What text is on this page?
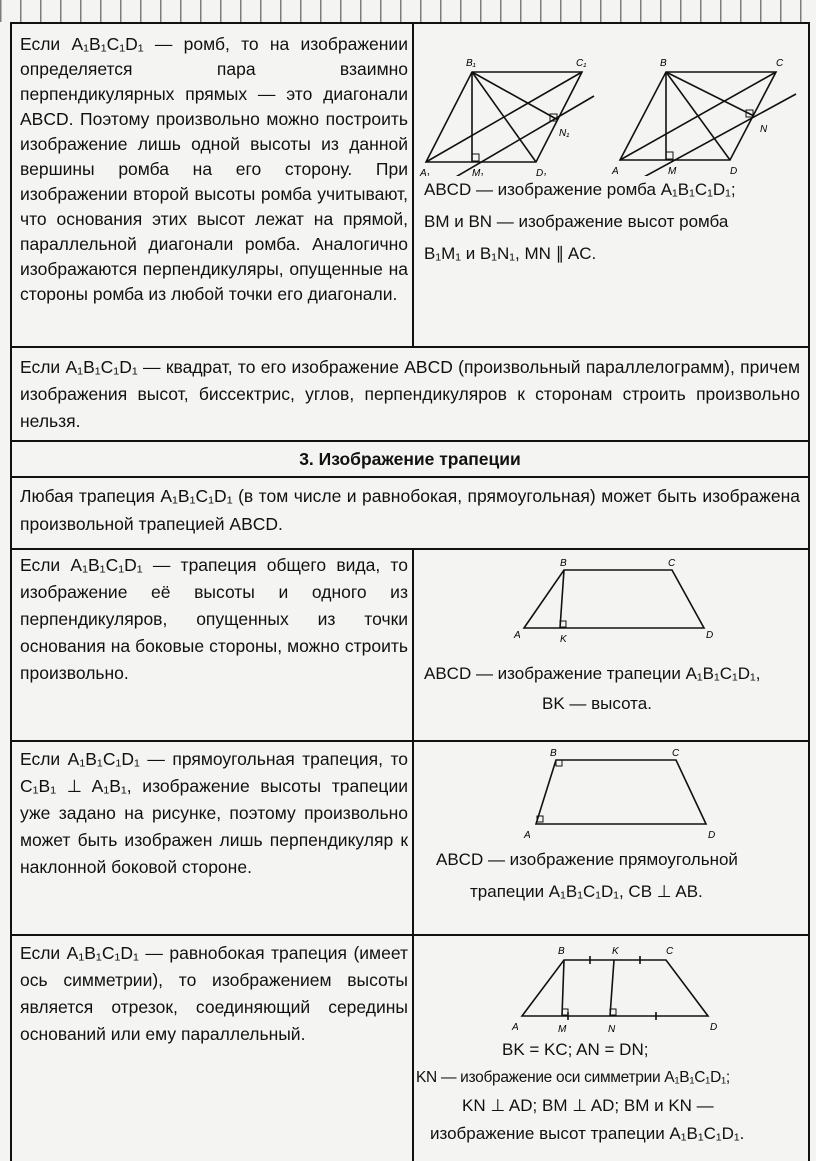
Если A₁B₁C₁D₁ — ромб, то на изображении определяется пара взаимно перпендикулярных прямых — это диагонали ABCD. Поэтому произвольно можно построить изображение лишь одной высоты из данной вершины ромба на его сторону. При изображении второй высоты ромба учитывают, что основания этих высот лежат на прямой, параллельной диагонали ромба. Аналогично изображаются перпендикуляры, опущенные на стороны ромба из любой точки его диагонали.
B₁	C₁
N₁
A₁	M₁	D₁
B	C
N
A	M	D
ABCD — изображение ромба A₁B₁C₁D₁;
BM и BN — изображение высот ромба
B₁M₁ и B₁N₁, MN ∥ AC.
Если A₁B₁C₁D₁ — квадрат, то его изображение ABCD (произвольный параллелограмм), причем изображения высот, биссектрис, углов, перпендикуляров к сторонам строить произвольно нельзя.
3. Изображение трапеции
Любая трапеция A₁B₁C₁D₁ (в том числе и равнобокая, прямоугольная) может быть изображена произвольной трапецией ABCD.
Если A₁B₁C₁D₁ — трапеция общего вида, то изображение её высоты и одного из перпендикуляров, опущенных из точки основания на боковые стороны, можно строить произвольно.
B	C
A	K	D
ABCD — изображение трапеции A₁B₁C₁D₁,
BK — высота.
Если A₁B₁C₁D₁ — прямоугольная трапеция, то C₁B₁ ⊥ A₁B₁, изображение высоты трапеции уже задано на рисунке, поэтому произвольно может быть изображен лишь перпендикуляр к наклонной боковой стороне.
B	C
A	D
ABCD — изображение прямоугольной
трапеции A₁B₁C₁D₁, CB ⊥ AB.
Если A₁B₁C₁D₁ — равнобокая трапеция (имеет ось симметрии), то изображением высоты является отрезок, соединяющий середины оснований или ему параллельный.
B	K	C
A	M	N	D
BK = KC; AN = DN;
KN — изображение оси симметрии A₁B₁C₁D₁;
KN ⊥ AD; BM ⊥ AD; BM и KN —
изображение высот трапеции A₁B₁C₁D₁.
